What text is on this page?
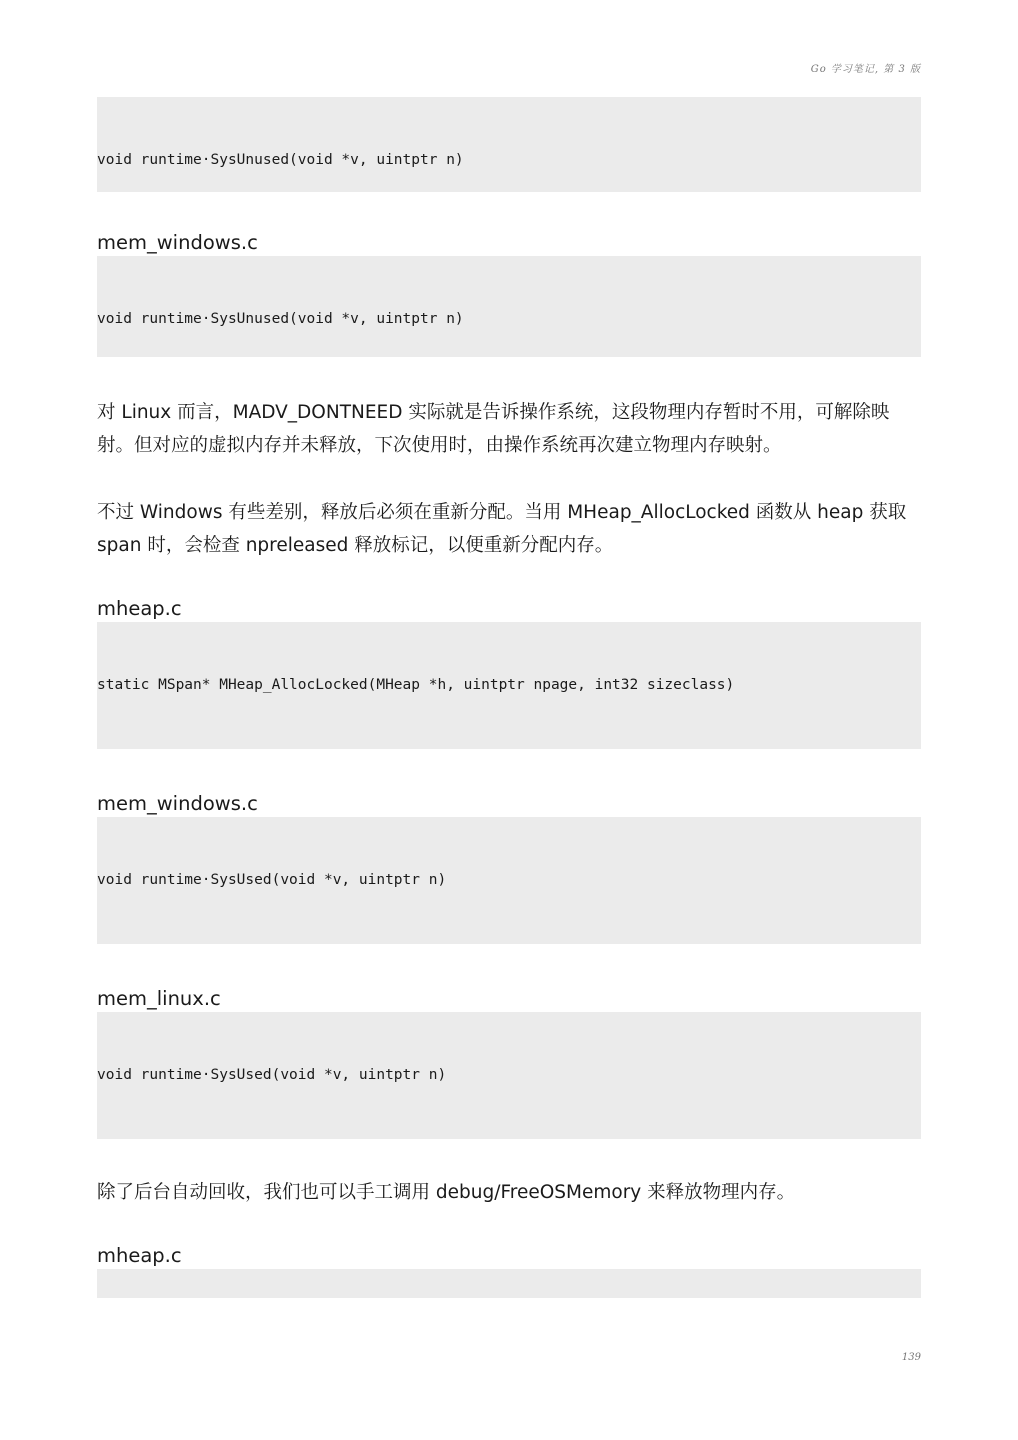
Go 学习笔记, 第 3 版

void runtime·SysUnused(void *v, uintptr n)

mem_windows.c

void runtime·SysUnused(void *v, uintptr n)

对 Linux 而言，MADV_DONTNEED 实际就是告诉操作系统，这段物理内存暂时不用，可解除映射。但对应的虚拟内存并未释放，下次使用时，由操作系统再次建立物理内存映射。

不过 Windows 有些差别，释放后必须在重新分配。当用 MHeap_AllocLocked 函数从 heap 获取 span 时，会检查 npreleased 释放标记，以便重新分配内存。

mheap.c

static MSpan* MHeap_AllocLocked(MHeap *h, uintptr npage, int32 sizeclass)

mem_windows.c

void runtime·SysUsed(void *v, uintptr n)

mem_linux.c

void runtime·SysUsed(void *v, uintptr n)

除了后台自动回收，我们也可以手工调用 debug/FreeOSMemory 来释放物理内存。

mheap.c

139
